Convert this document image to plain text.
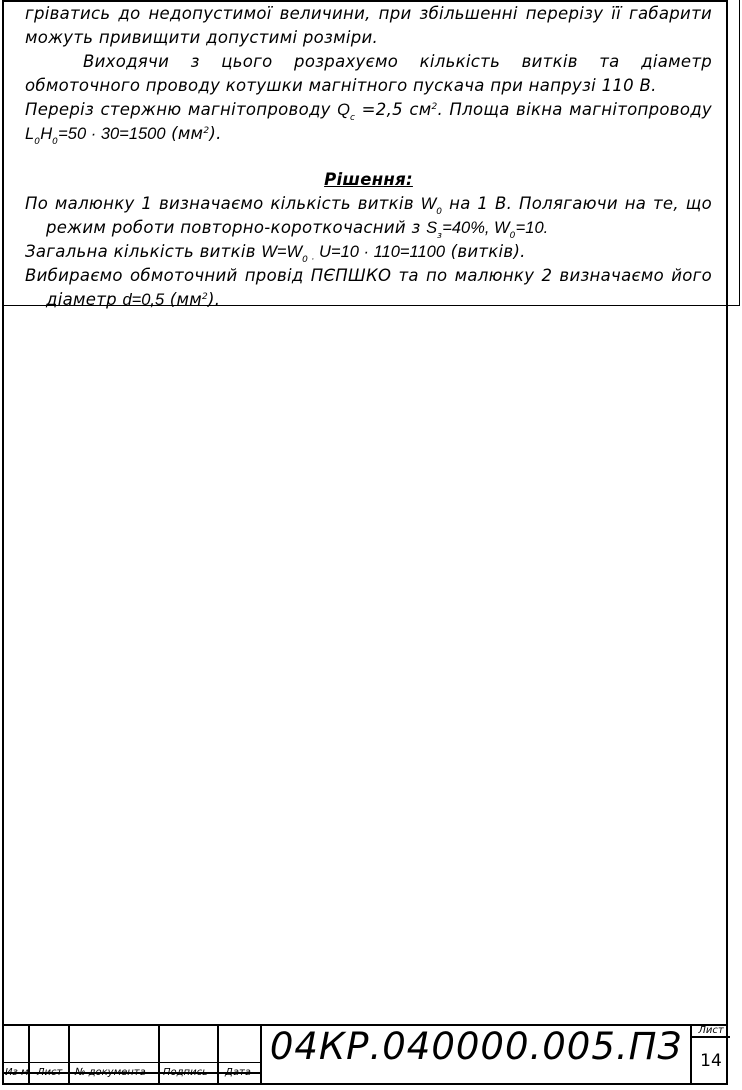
гріватись до недопустимої величини, при збільшенні перерізу її габарити можуть привищити допустимі розміри.

Виходячи з цього розрахуємо кількість витків та діаметр обмоточного проводу котушки магнітного пускача при напрузі 110 В.

Переріз стержню магнітопроводу $Q_c =2,5$ $см^2$. Площа вікна магнітопроводу $L_0H_0=50 \cdot 30=1500$ $(мм^2)$.

Рішення:

По малюнку 1 визначаємо кількість витків $W_0$ на 1 В. Полягаючи на те, що режим роботи повторно-короткочасний з $S_з=40\%$, $W_0=10$.

Загальна кількість витків $W=W_{0 \cdot}$ U=10 · 110=1100 (витків).

Вибираємо обмоточний провід ПЄПШКО та по малюнку 2 визначаємо його діаметр d=0,5 $(мм^2)$.

Из м Лист № документа Подпись Дата
04КР.040000.005.ПЗ	Лист
14
